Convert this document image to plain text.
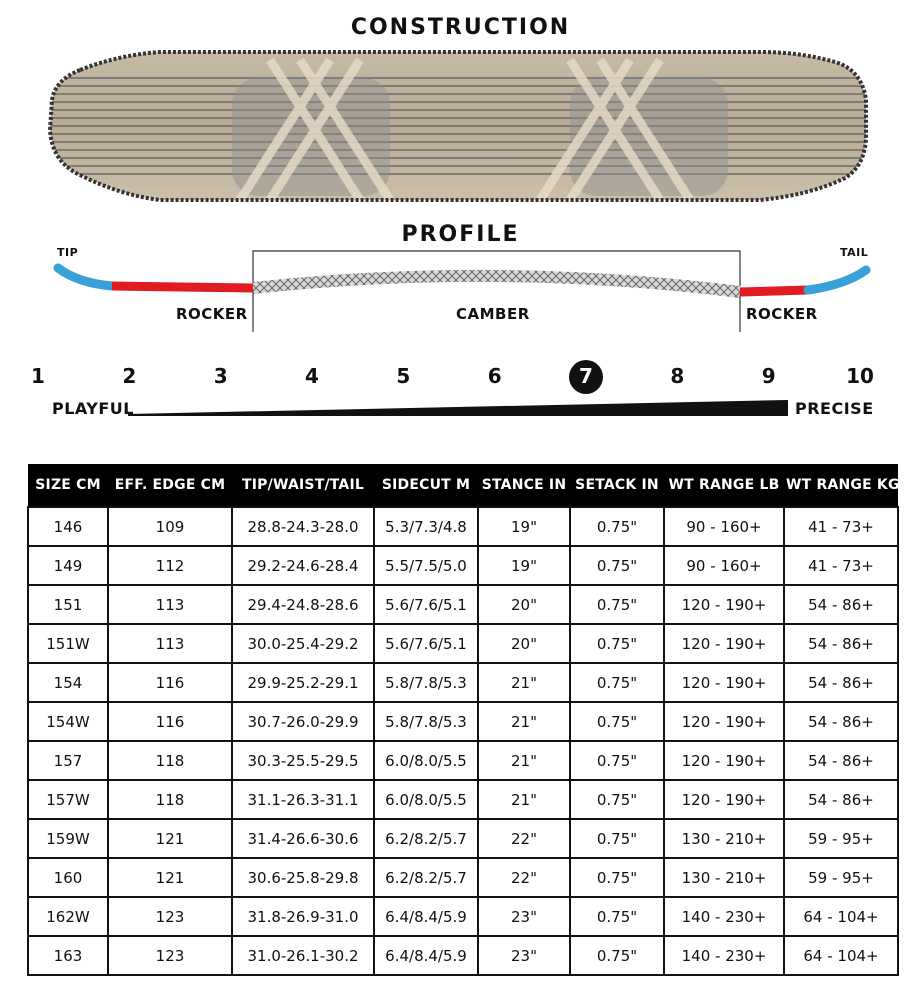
CONSTRUCTION
PROFILE
TIP	TAIL
ROCKER	CAMBER	ROCKER
1	2	3	4	5	6	7	8	9	10
PLAYFUL	PRECISE
SIZE CM	EFF. EDGE CM	TIP/WAIST/TAIL	SIDECUT M	STANCE IN	SETACK IN	WT RANGE LB	WT RANGE KG
146	109	28.8-24.3-28.0	5.3/7.3/4.8	19"	0.75"	90 - 160+	41 - 73+
149	112	29.2-24.6-28.4	5.5/7.5/5.0	19"	0.75"	90 - 160+	41 - 73+
151	113	29.4-24.8-28.6	5.6/7.6/5.1	20"	0.75"	120 - 190+	54 - 86+
151W	113	30.0-25.4-29.2	5.6/7.6/5.1	20"	0.75"	120 - 190+	54 - 86+
154	116	29.9-25.2-29.1	5.8/7.8/5.3	21"	0.75"	120 - 190+	54 - 86+
154W	116	30.7-26.0-29.9	5.8/7.8/5.3	21"	0.75"	120 - 190+	54 - 86+
157	118	30.3-25.5-29.5	6.0/8.0/5.5	21"	0.75"	120 - 190+	54 - 86+
157W	118	31.1-26.3-31.1	6.0/8.0/5.5	21"	0.75"	120 - 190+	54 - 86+
159W	121	31.4-26.6-30.6	6.2/8.2/5.7	22"	0.75"	130 - 210+	59 - 95+
160	121	30.6-25.8-29.8	6.2/8.2/5.7	22"	0.75"	130 - 210+	59 - 95+
162W	123	31.8-26.9-31.0	6.4/8.4/5.9	23"	0.75"	140 - 230+	64 - 104+
163	123	31.0-26.1-30.2	6.4/8.4/5.9	23"	0.75"	140 - 230+	64 - 104+
